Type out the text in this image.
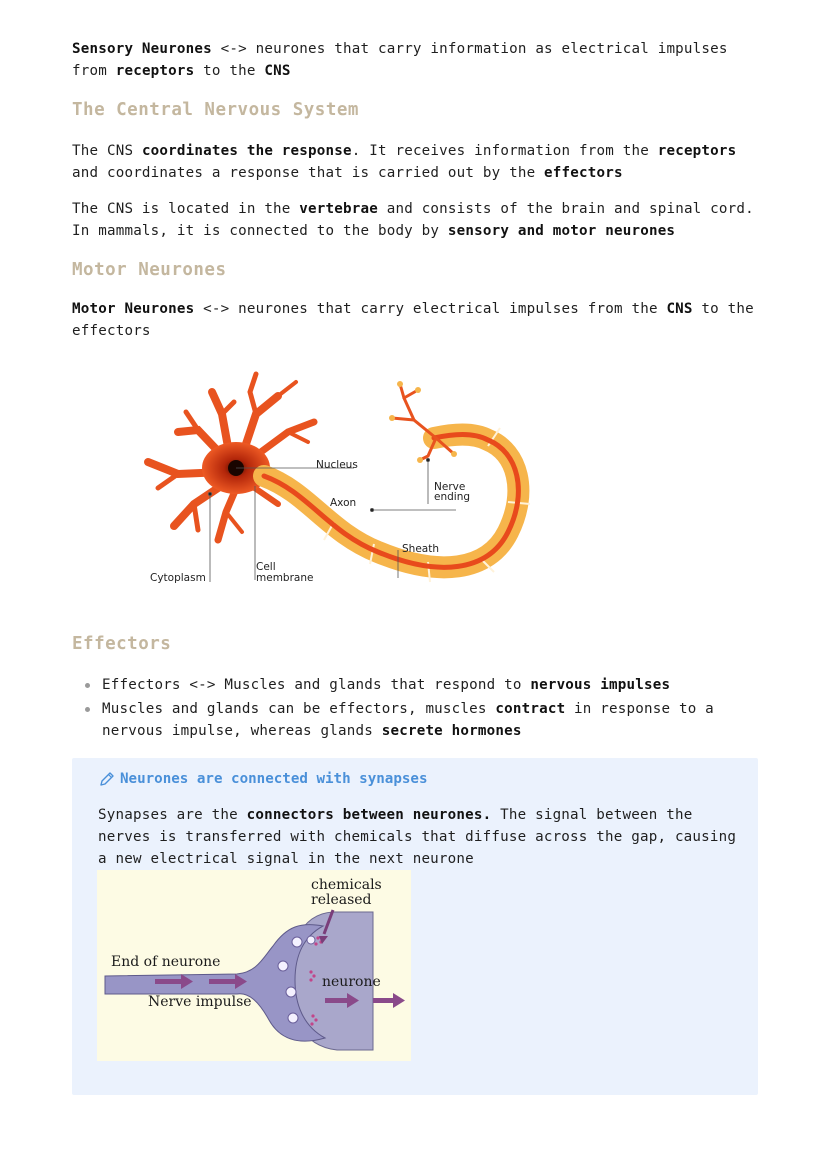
Sensory Neurones <-> neurones that carry information as electrical impulses from receptors to the CNS

The Central Nervous System

The CNS coordinates the response. It receives information from the receptors and coordinates a response that is carried out by the effectors

The CNS is located in the vertebrae and consists of the brain and spinal cord. In mammals, it is connected to the body by sensory and motor neurones

Motor Neurones

Motor Neurones <-> neurones that carry electrical impulses from the CNS to the effectors

Nucleus
Axon
Nerve
ending
Sheath
Cytoplasm
Cell
membrane
Effectors
Effectors <-> Muscles and glands that respond to nervous impulses
Muscles and glands can be effectors, muscles contract in response to a nervous impulse, whereas glands secrete hormones
Neurones are connected with synapses

Synapses are the connectors between neurones. The signal between the nerves is transferred with chemicals that diffuse across the gap, causing a new electrical signal in the next neurone

chemicals
released
End of neurone
Nerve impulse
neurone
